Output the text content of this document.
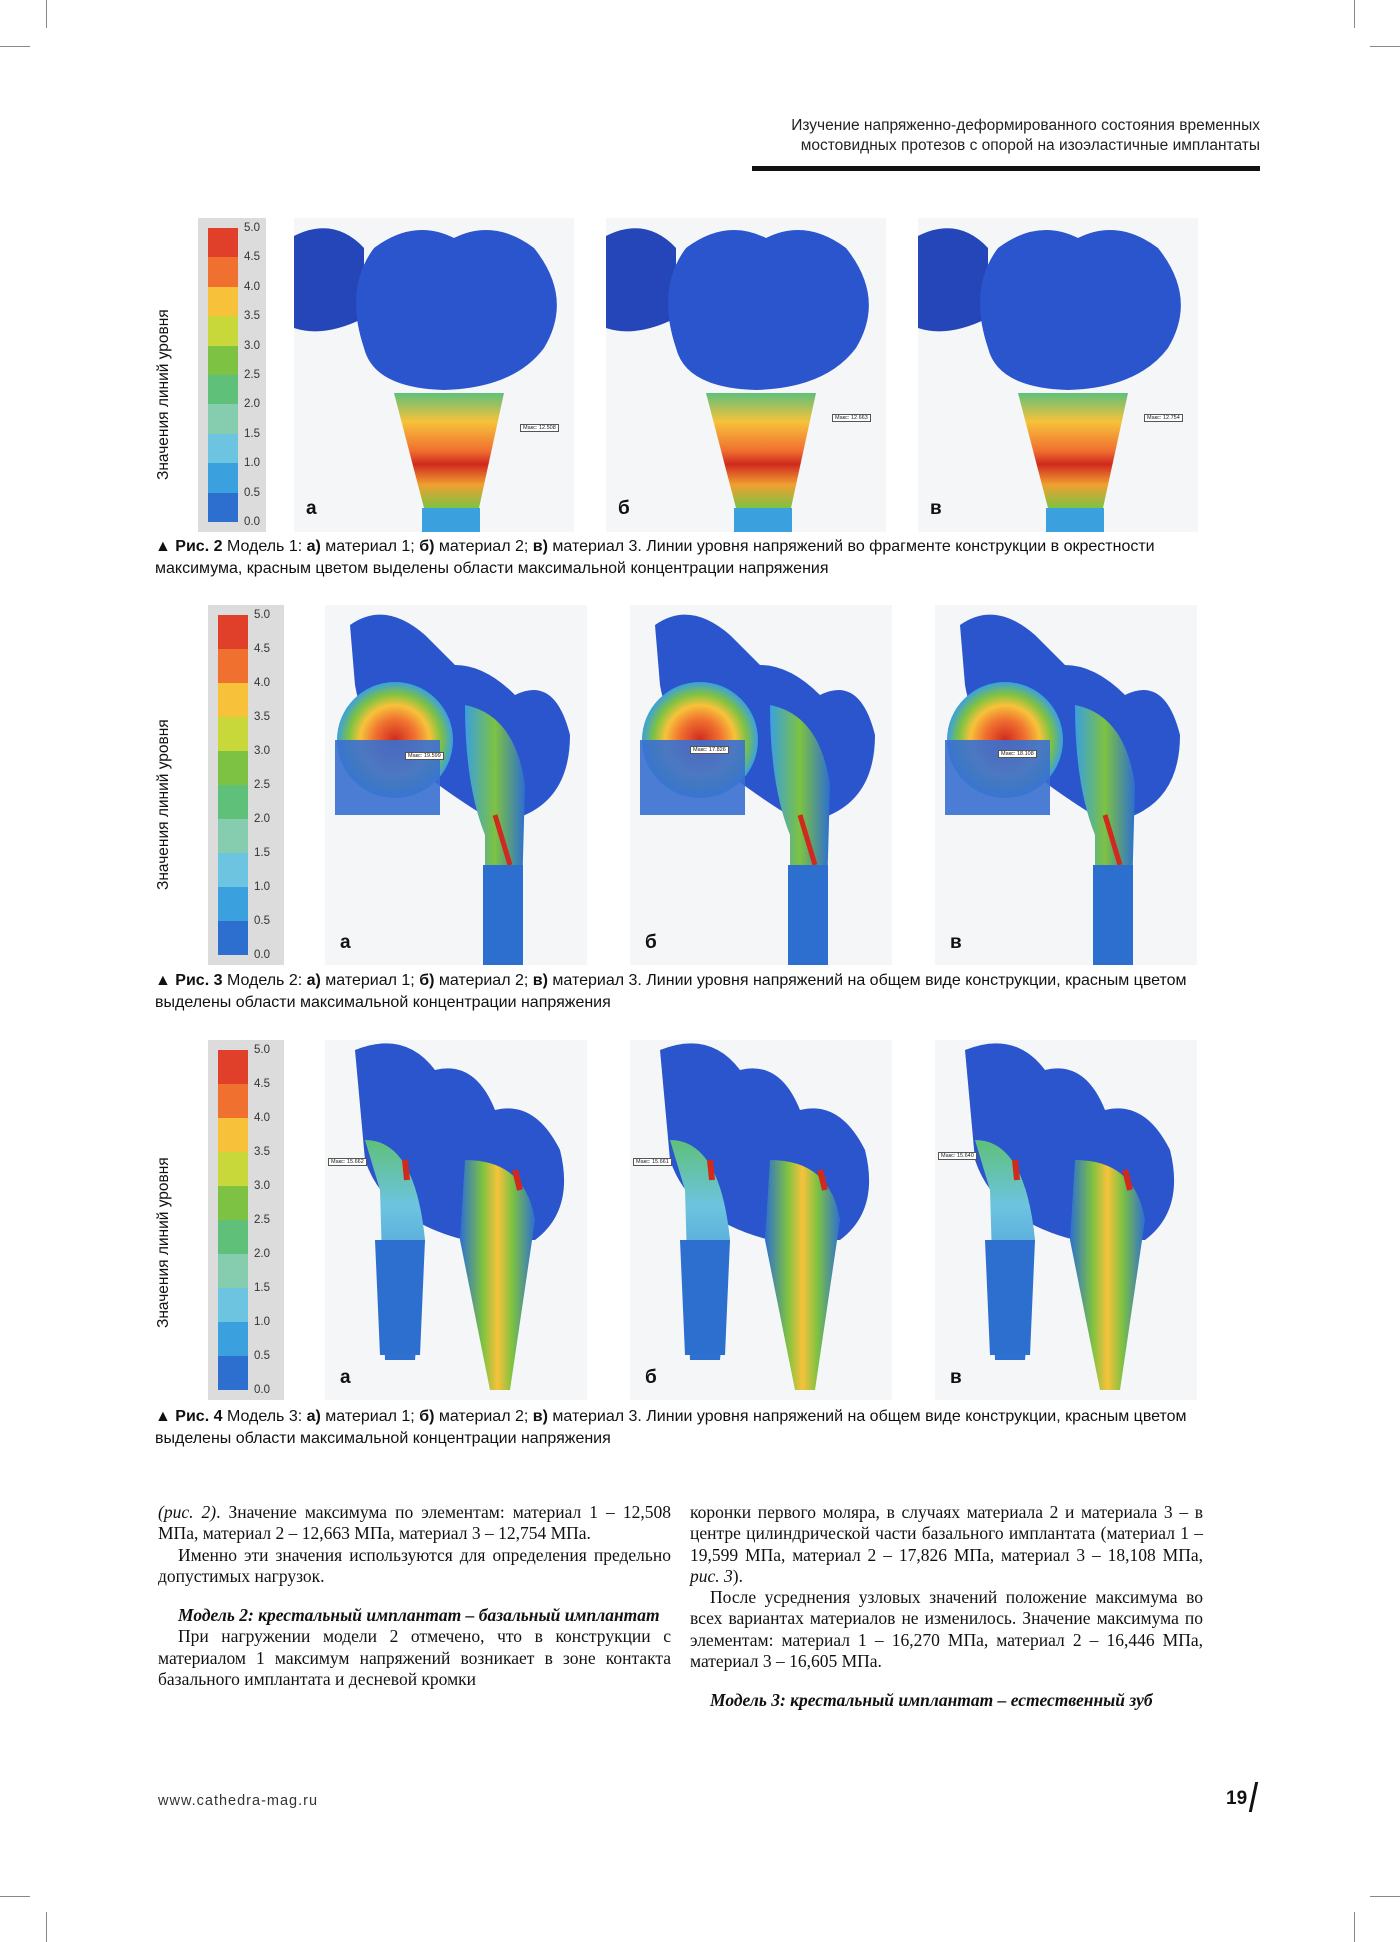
Изучение напряженно-деформированного состояния временных
мостовидных протезов с опорой на изоэластичные имплантаты
Значения линий уровня
5.0
4.5
4.0
3.5
3.0
2.5
2.0
1.5
1.0
0.5
0.0
а	б	в
Макс: 12.508
Макс: 12.663	Макс: 12.754
▲ Рис. 2 Модель 1: а) материал 1; б) материал 2; в) материал 3. Линии уровня напряжений во фрагменте конструкции в окрестности максимума, красным цветом выделены области максимальной концентрации напряжения
Значения линий уровня
5.0
4.5
4.0
3.5
3.0
2.5
2.0
1.5
1.0
0.5
0.0
а	б	в
Макс: 19.599
Макс: 17.826
Макс: 18.108
▲ Рис. 3 Модель 2: а) материал 1; б) материал 2; в) материал 3. Линии уровня напряжений на общем виде конструкции, красным цветом выделены области максимальной концентрации напряжения
Значения линий уровня
5.0
4.5
4.0
3.5
3.0
2.5
2.0
1.5
1.0
0.5
0.0
а	б	в
Макс: 15.662	Макс: 15.661
Макс: 15.640
▲ Рис. 4 Модель 3: а) материал 1; б) материал 2; в) материал 3. Линии уровня напряжений на общем виде конструкции, красным цветом выделены области максимальной концентрации напряжения

(рис. 2). Значение максимума по элементам: материал 1 – 12,508 МПа, материал 2 – 12,663 МПа, материал 3 – 12,754 МПа.

Именно эти значения используются для определения предельно допустимых нагрузок.

Модель 2: крестальный имплантат – базальный имплантат

При нагружении модели 2 отмечено, что в конструкции с материалом 1 максимум напряжений возникает в зоне контакта базального имплантата и десневой кромки

коронки первого моляра, в случаях материала 2 и материала 3 – в центре цилиндрической части базального имплантата (материал 1 – 19,599 МПа, материал 2 – 17,826 МПа, материал 3 – 18,108 МПа, рис. 3).

После усреднения узловых значений положение максимума во всех вариантах материалов не изменилось. Значение максимума по элементам: материал 1 – 16,270 МПа, материал 2 – 16,446 МПа, материал 3 – 16,605 МПа.

Модель 3: крестальный имплантат – естественный зуб

www.cathedra-mag.ru	19
